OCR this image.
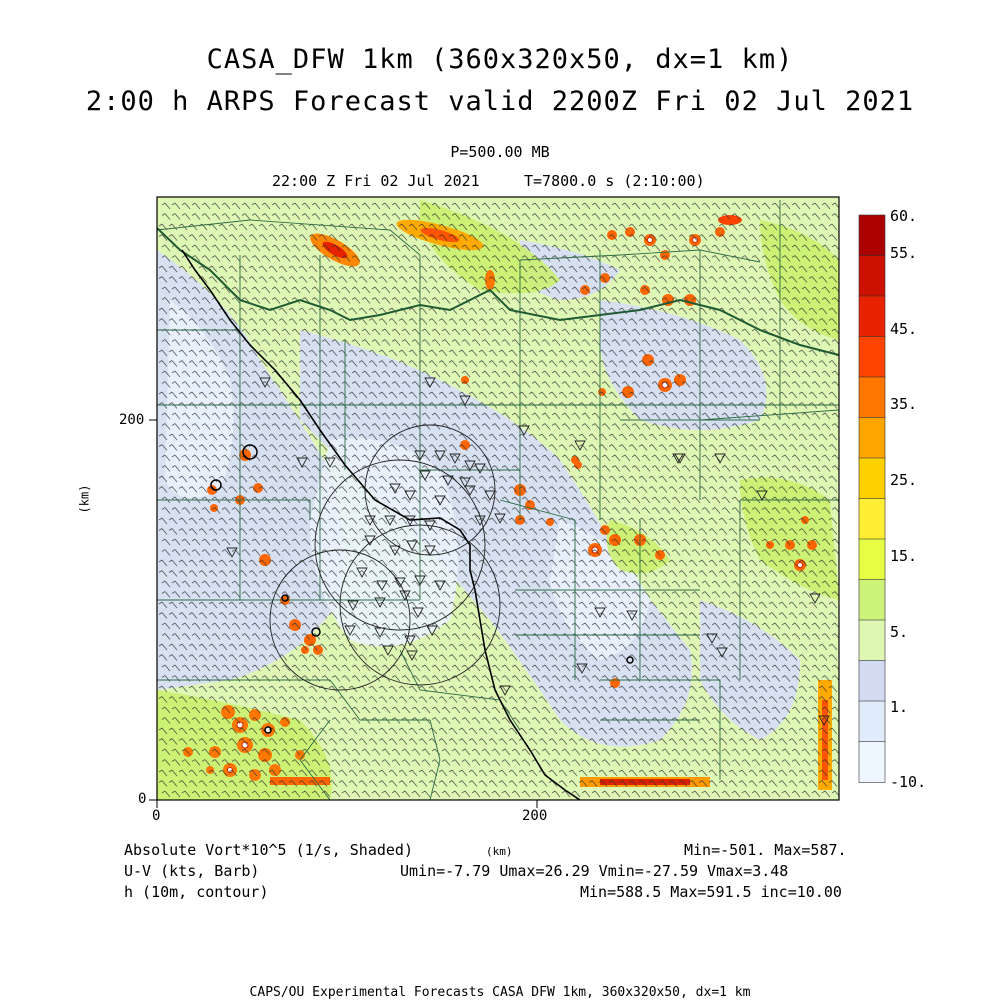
CASA_DFW 1km (360x320x50, dx=1 km)
2:00 h ARPS Forecast valid 2200Z Fri 02 Jul 2021
P=500.00 MB
22:00 Z Fri 02 Jul 2021	T=7800.0 s (2:10:00)
0	200
0
200
(km)
60.
55.
45.
35.
25.
15.
5.
1.
-10.
Absolute Vort*10^5 (1/s, Shaded)	(km)	Min=-501. Max=587.
U-V (kts, Barb)	Umin=-7.79 Umax=26.29 Vmin=-27.59 Vmax=3.48
h (10m, contour)	Min=588.5 Max=591.5 inc=10.00
CAPS/OU Experimental Forecasts CASA DFW 1km, 360x320x50, dx=1 km
